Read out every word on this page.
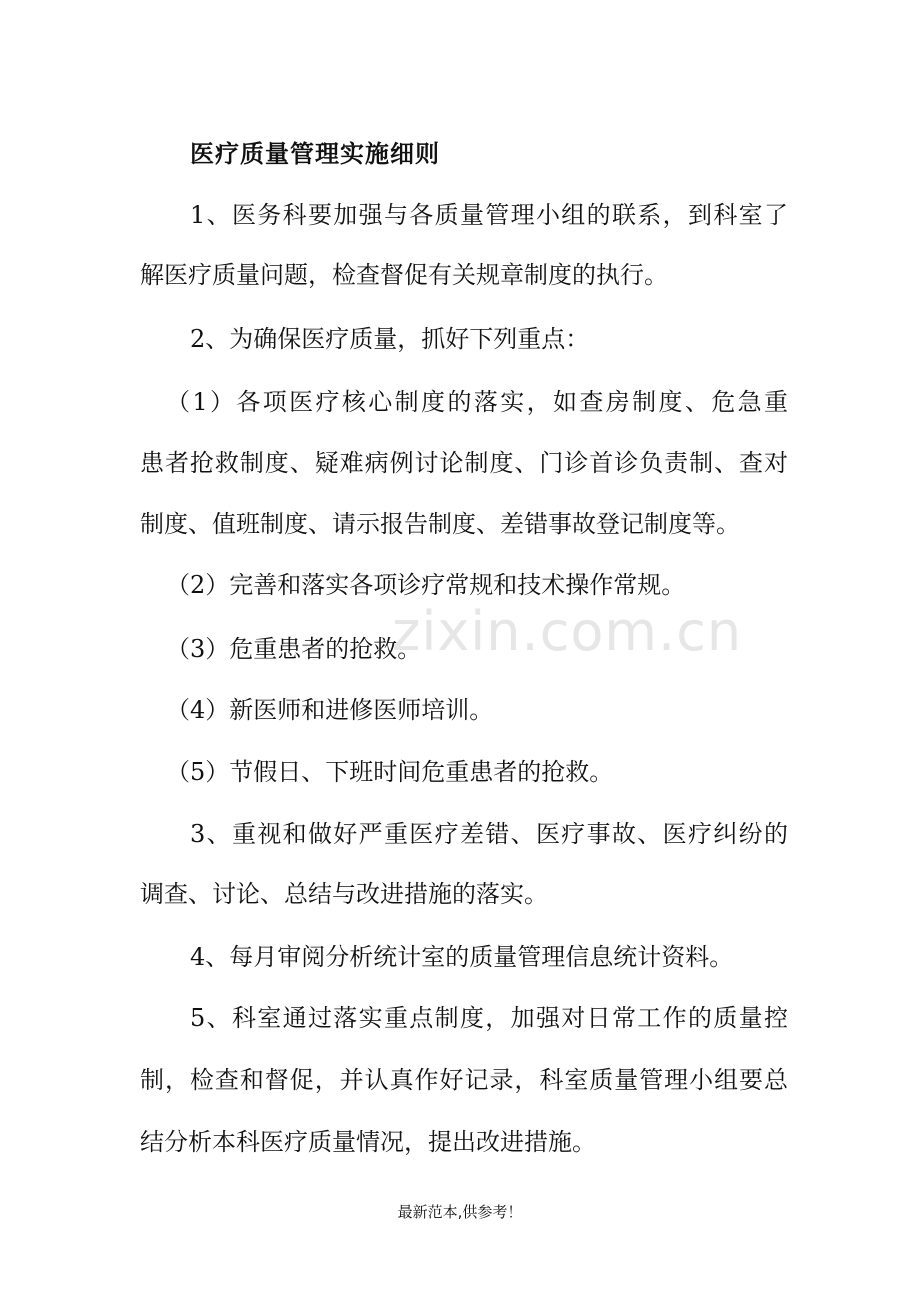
zixin.com.cn
医疗质量管理实施细则
1、医务科要加强与各质量管理小组的联系，到科室了
解医疗质量问题，检查督促有关规章制度的执行。
2、为确保医疗质量，抓好下列重点：
（1）各项医疗核心制度的落实，如查房制度、危急重
患者抢救制度、疑难病例讨论制度、门诊首诊负责制、查对
制度、值班制度、请示报告制度、差错事故登记制度等。
（2）完善和落实各项诊疗常规和技术操作常规。
（3）危重患者的抢救。
（4）新医师和进修医师培训。
（5）节假日、下班时间危重患者的抢救。
3、重视和做好严重医疗差错、医疗事故、医疗纠纷的
调查、讨论、总结与改进措施的落实。
4、每月审阅分析统计室的质量管理信息统计资料。
5、科室通过落实重点制度，加强对日常工作的质量控
制，检查和督促，并认真作好记录，科室质量管理小组要总
结分析本科医疗质量情况，提出改进措施。
最新范本,供参考！
